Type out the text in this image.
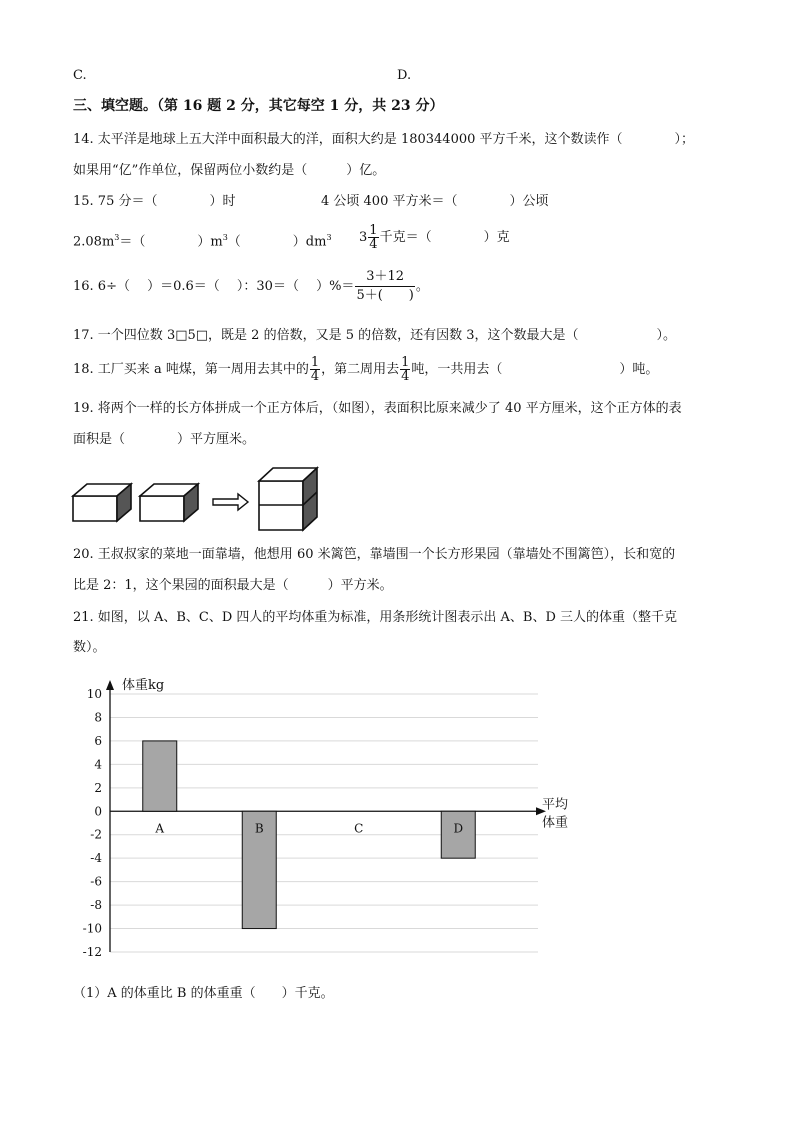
C.	D.
三、填空题。（第 16 题 2 分，其它每空 1 分，共 23 分）
14. 太平洋是地球上五大洋中面积最大的洋，面积大约是 180344000 平方千米，这个数读作（　　　　）；
如果用“亿”作单位，保留两位小数约是（　　　）亿。
15. 75 分＝（　　　　）时	4 公顷 400 平方米＝（　　　　）公顷
$2.08m^3=$（　　　　）$m^3$（　　　　）$dm^3$ $3 \frac{1}{4}$ 千克＝（　　　　）克
16. 6÷（　 ）＝0.6＝（　 ）：30＝（　 ）%＝ $\frac{3+12}{5+( )}$ 。
17. 一个四位数 3□5□，既是 2 的倍数，又是 5 的倍数，还有因数 3，这个数最大是（　　　　　　）。
18. 工厂买来 a 吨煤，第一周用去其中的 $\frac{1}{4}$ ，第二周用去 $\frac{1}{4}$ 吨，一共用去（　　　　　　　　　）吨。
19. 将两个一样的长方体拼成一个正方体后，（如图），表面积比原来减少了 40 平方厘米，这个正方体的表
面积是（　　　　）平方厘米。
20. 王叔叔家的菜地一面靠墙，他想用 60 米篱笆，靠墙围一个长方形果园（靠墙处不围篱笆），长和宽的
比是 2：1，这个果园的面积最大是（　　　）平方米。
21. 如图，以 A、B、C、D 四人的平均体重为标准，用条形统计图表示出 A、B、D 三人的体重（整千克
数）。
10
8
6
4
2
0
-2
-4
-6
-8
-10
-12
体重kg
平均
体重
A	B	C	D
（1）A 的体重比 B 的体重重（　　）千克。
